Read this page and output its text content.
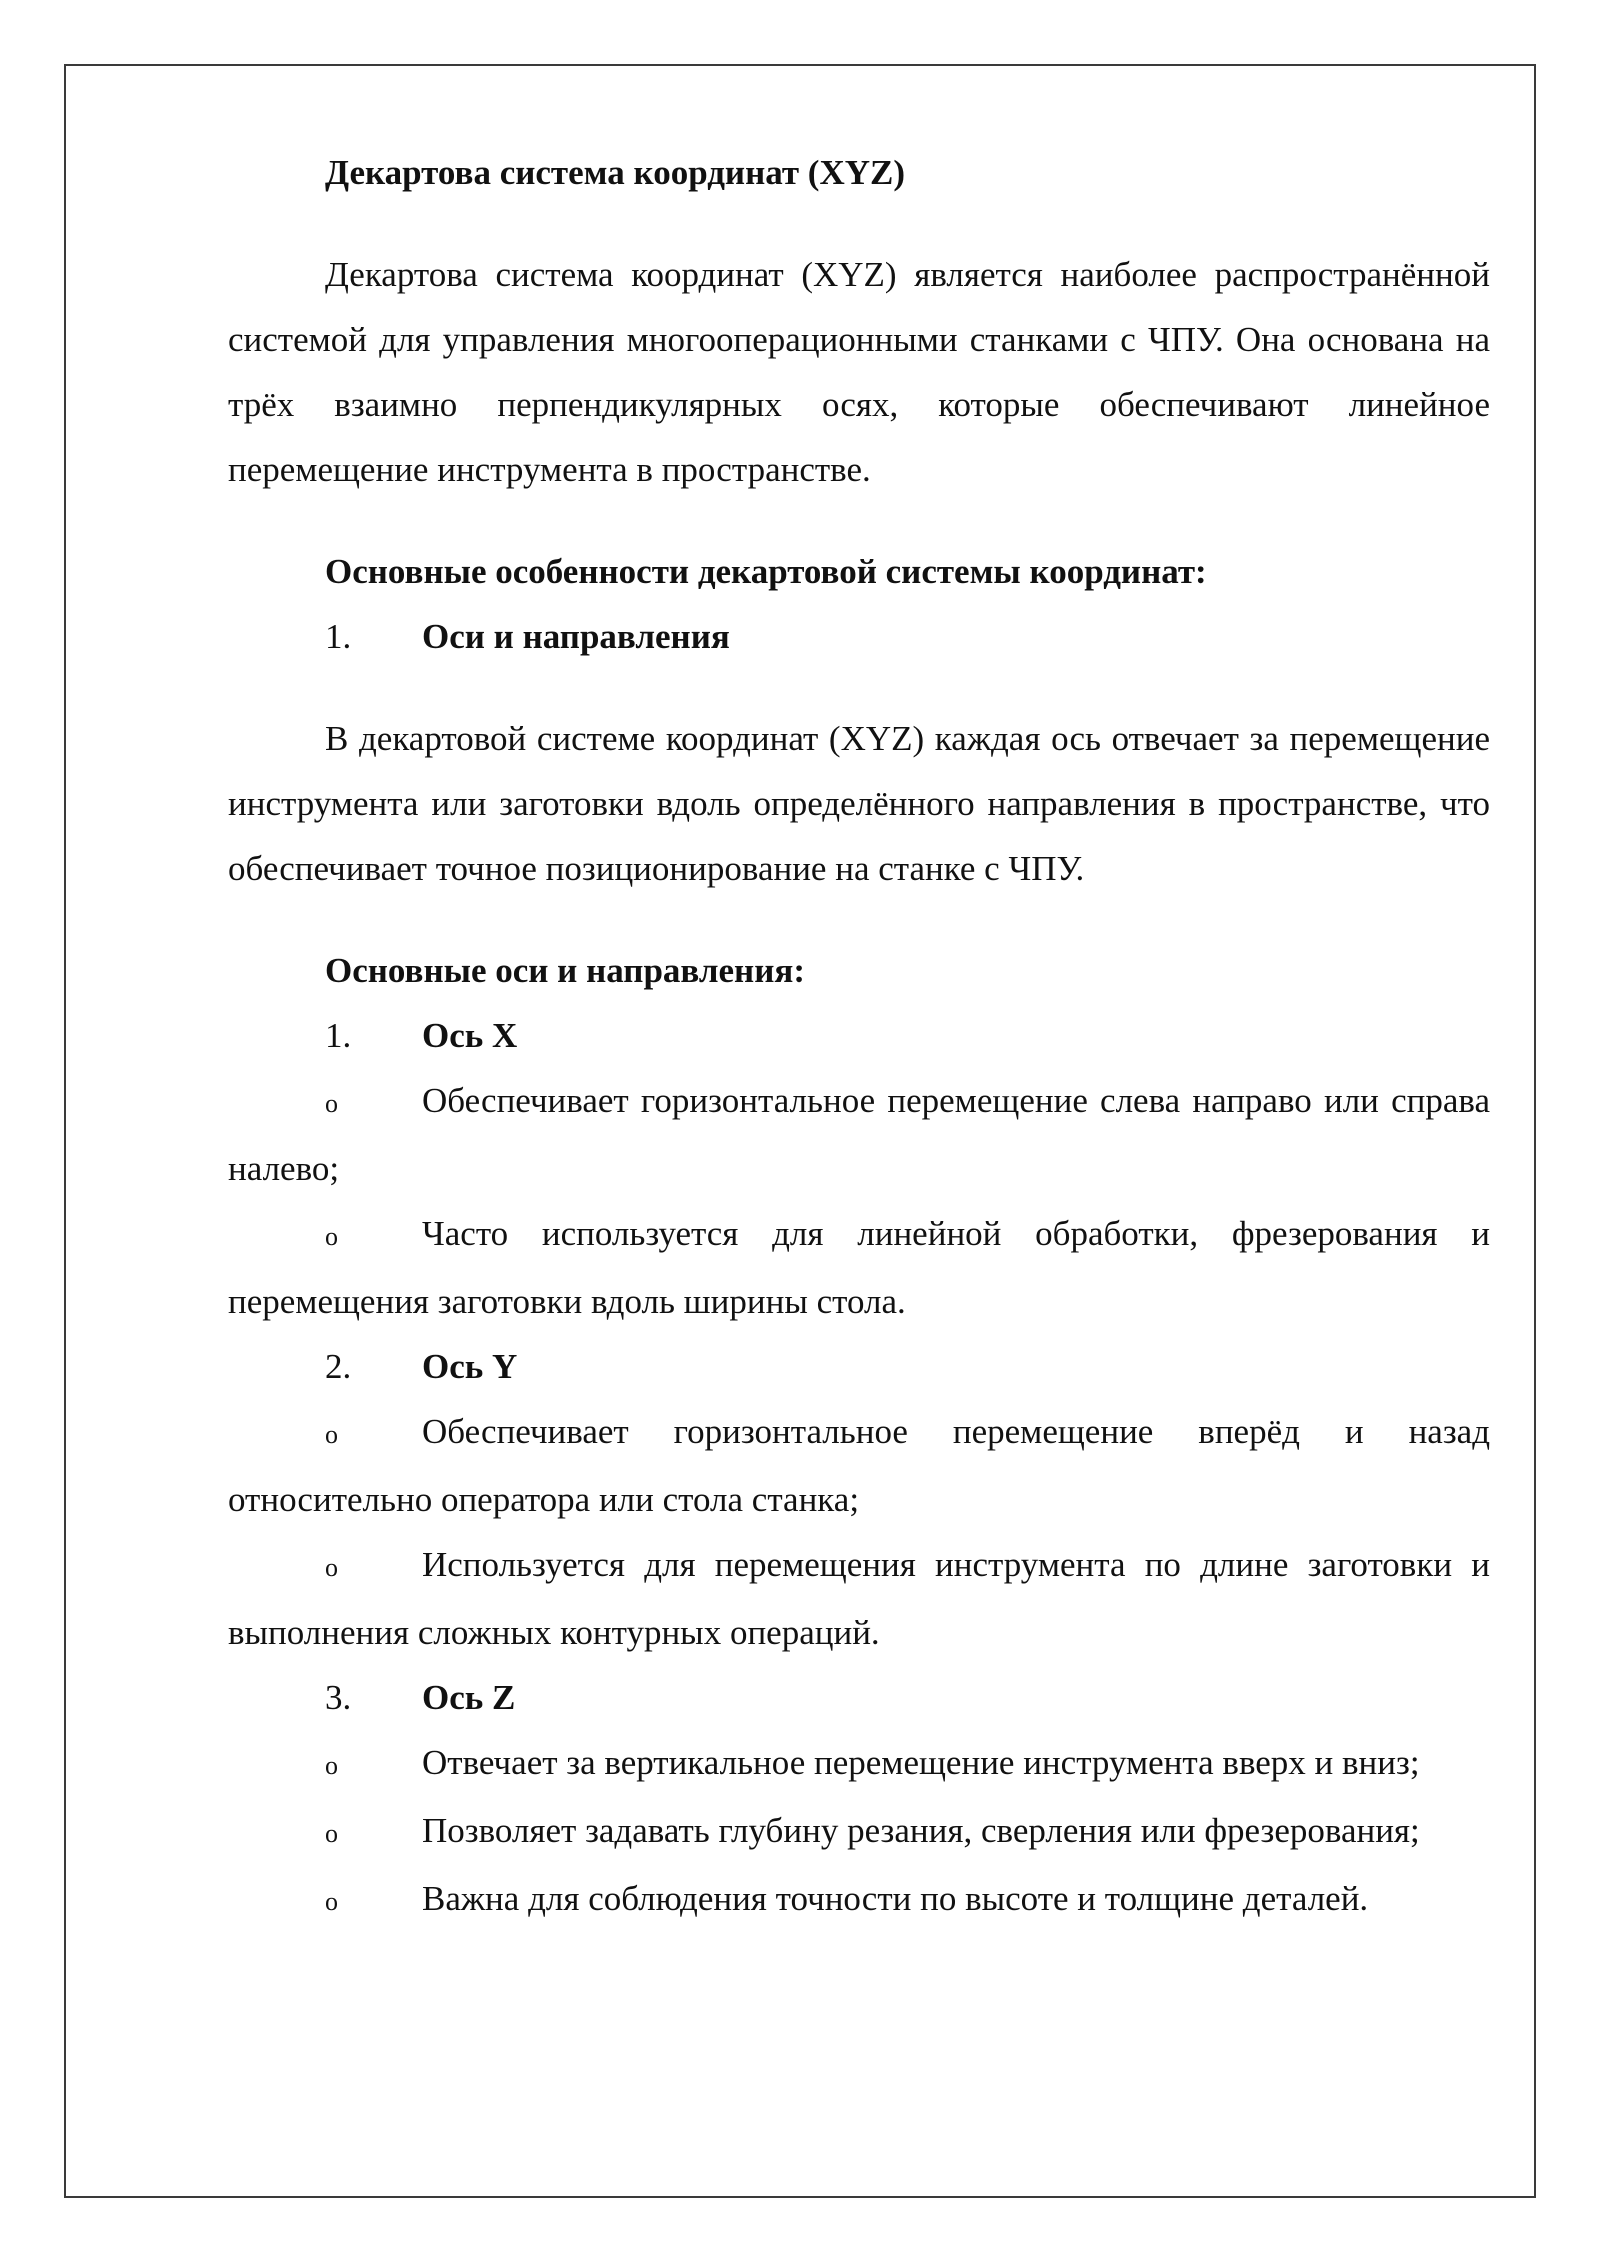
Декартова система координат (XYZ)

Декартова система координат (XYZ) является наиболее распространённой системой для управления многооперационными станками с ЧПУ. Она основана на трёх взаимно перпендикулярных осях, которые обеспечивают линейное перемещение инструмента в пространстве.

Основные особенности декартовой системы координат:

1.	Оси и направления

В декартовой системе координат (XYZ) каждая ось отвечает за перемещение инструмента или заготовки вдоль определённого направления в пространстве, что обеспечивает точное позиционирование на станке с ЧПУ.

Основные оси и направления:

1.	Ось X

o Обеспечивает горизонтальное перемещение слева направо или справа налево;

o Часто используется для линейной обработки, фрезерования и перемещения заготовки вдоль ширины стола.

2.	Ось Y

o Обеспечивает горизонтальное перемещение вперёд и назад относительно оператора или стола станка;

o Используется для перемещения инструмента по длине заготовки и выполнения сложных контурных операций.

3.	Ось Z

o Отвечает за вертикальное перемещение инструмента вверх и вниз;

o Позволяет задавать глубину резания, сверления или фрезерования;

o Важна для соблюдения точности по высоте и толщине деталей.
